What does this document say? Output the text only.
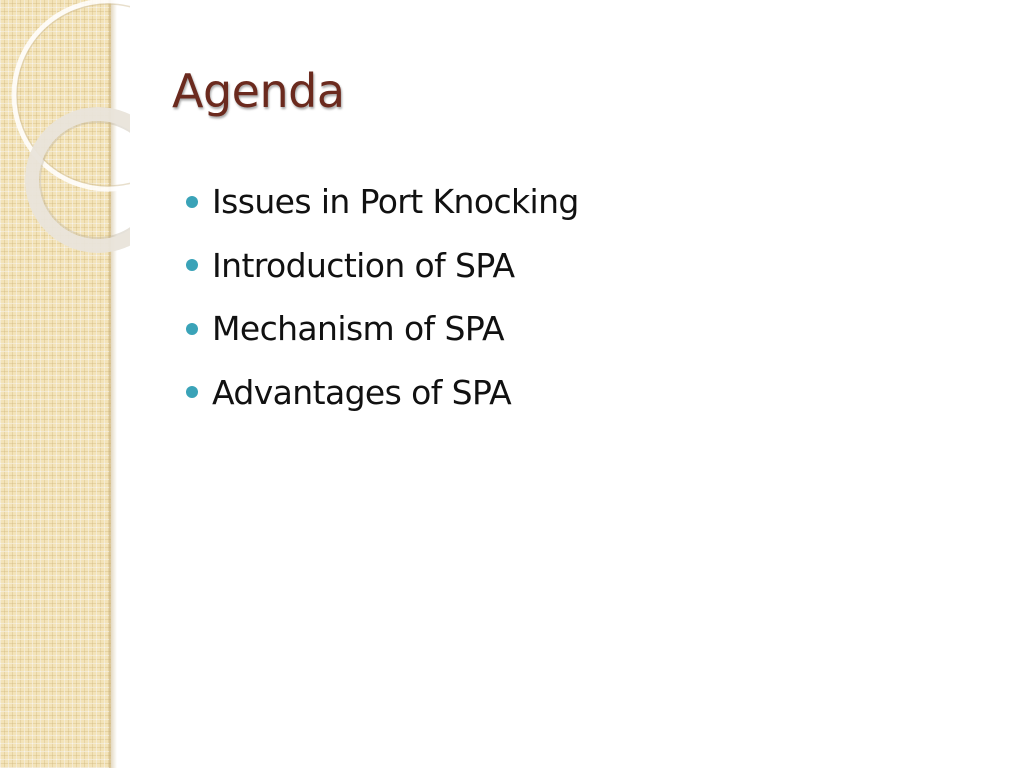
Agenda
Issues in Port Knocking
Introduction of SPA
Mechanism of SPA
Advantages of SPA
